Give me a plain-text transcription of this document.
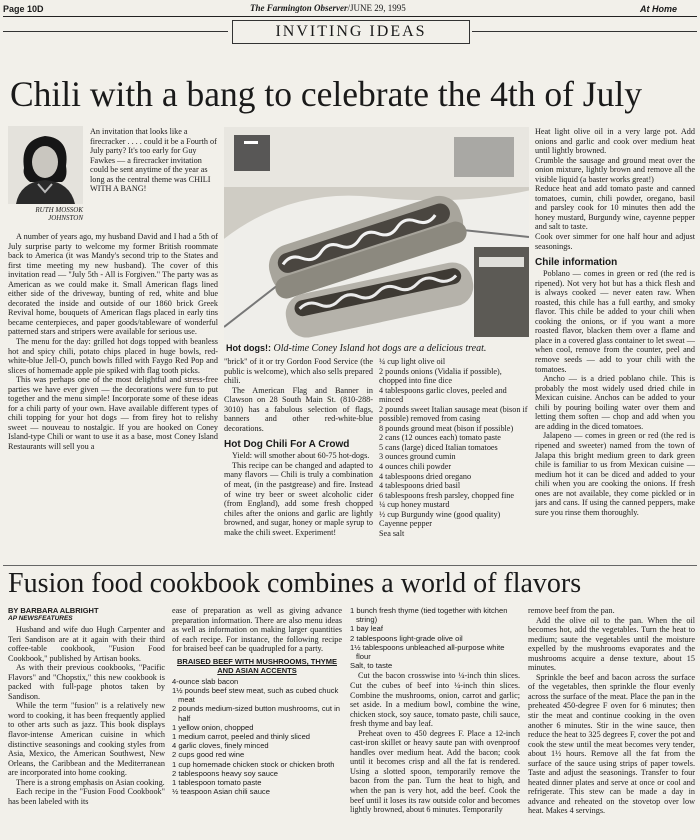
Page 10D	The Farmington Observer/JUNE 29, 1995	At Home
INVITING IDEAS
Chili with a bang to celebrate the 4th of July
RUTH MOSSOK JOHNSTON

An invitation that looks like a firecracker . . . . could it be a Fourth of July party? It's too early for Guy Fawkes — a firecracker invitation could be sent anytime of the year as long as the central theme was CHILI WITH A BANG!

A number of years ago, my husband David and I had a 5th of July surprise party to welcome my former British roommate back to America (it was Mandy's second trip to the States and first time meeting my new husband). The cover of this invitation read — "July 5th - All is Forgiven." The party was as American as we could make it. Small American flags lined either side of the driveway, bunting of red, white and blue decorated the inside and outside of our 1860 brick Greek Revival home, bouquets of American flags placed in early tins became centerpieces, and paper goods/tableware of wonderful patterned stars and stripers were available for serious use.

The menu for the day: grilled hot dogs topped with beanless hot and spicy chili, potato chips placed in huge bowls, red-white-blue Jell-O, punch bowls filled with Faygo Red Pop and slices of homemade apple pie spiked with flag tooth picks.

This was perhaps one of the most delightful and stress-free parties we have ever given — the decorations were fun to put together and the menu simple! Incorporate some of these ideas for a chili party of your own. Have available different types of chili topping for your hot dogs — from firey hot to relishy sweet — nouveau to nostalgic. If you are hooked on Coney Island-type Chili or want to use it as a base, most Coney Island Restaurants will sell you a

Hot dogs!: Old-time Coney Island hot dogs are a delicious treat.

"brick" of it or try Gordon Food Service (the public is welcome), which also sells prepared chili.

The American Flag and Banner in Clawson on 28 South Main St. (810-288-3010) has a fabulous selection of flags, banners and other red-white-blue decorations.

Hot Dog Chili For A Crowd

Yield: will smother about 60-75 hot-dogs.

This recipe can be changed and adapted to many flavors — Chili is truly a combination of meat, (in the pastgrease) and fire. Instead of wine try beer or sweet alcoholic cider (from England), add some fresh chopped chiles after the onions and garlic are lightly browned, and sugar, honey or maple syrup to make the chili sweet. Experiment!

¼ cup light olive oil

2 pounds onions (Vidalia if possible), chopped into fine dice

4 tablespoons garlic cloves, peeled and minced

2 pounds sweet Italian sausage meat (bison if possible) removed from casing

8 pounds ground meat (bison if possible)

2 cans (12 ounces each) tomato paste

5 cans (large) diced Italian tomatoes

3 ounces ground cumin

4 ounces chili powder

4 tablespoons dried oregano

4 tablespoons dried basil

6 tablespoons fresh parsley, chopped fine

¼ cup honey mustard

½ cup Burgundy wine (good quality)

Cayenne pepper

Sea salt

Heat light olive oil in a very large pot. Add onions and garlic and cook over medium heat until lightly browned.

Crumble the sausage and ground meat over the onion mixture, lightly brown and remove all the visible liquid (a baster works great!)

Reduce heat and add tomato paste and canned tomatoes, cumin, chili powder, oregano, basil and parsley cook for 10 minutes then add the honey mustard, Burgundy wine, cayenne pepper and salt to taste.

Cook over simmer for one half hour and adjust seasonings.

Chile information

Poblano — comes in green or red (the red is ripened). Not very hot but has a thick flesh and is always cooked — never eaten raw. When roasted, this chile has a full earthy, and smoky flavor. This chile be added to your chili when cooking the onions, or if you want a more roasted flavor, blacken them over a flame and place in a covered glass container to let sweat — when cool, remove from the counter, peel and remove seeds — add to your chili with the tomatoes.

Ancho — is a dried poblano chile. This is probably the most widely used dried chile in Mexican cuisine. Anchos can be added to your chili by pouring boiling water over them and letting them soften — chop and add when you are adding in the diced tomatoes.

Jalapeno — comes in green or red (the red is ripened and sweeter) named from the town of Jalapa this bright medium green to dark green chile is familiar to us from Mexican cuisine — medium hot it can be diced and added to your chili when you are cooking the onions. If fresh ones are not available, they come pickled or in jars and cans. If using the canned peppers, make sure you rinse them thoroughly.

Fusion food cookbook combines a world of flavors

BY BARBARA ALBRIGHT

AP NEWSFEATURES

Husband and wife duo Hugh Carpenter and Teri Sandison are at it again with their third coffee-table cookbook, "Fusion Food Cookbook," published by Artisan books.

As with their previous cookbooks, "Pacific Flavors" and "Chopstix," this new cookbook is packed with full-page photos taken by Sandison.

While the term "fusion" is a relatively new word to cooking, it has been frequently applied to other arts such as jazz. This book displays flavor-intense American cuisine in which distinctive seasonings and cooking styles from Asia, Mexico, the American Southwest, New Orleans, the Caribbean and the Mediterranean are incorporated into home cooking.

There is a strong emphasis on Asian cooking.

Each recipe in the "Fusion Food Cookbook" has been labeled with its

ease of preparation as well as giving advance preparation information. There are also menu ideas as well as information on making larger quantities of each recipe. For instance, the following recipe for braised beef can be quadrupled for a party.

BRAISED BEEF WITH MUSHROOMS, THYME AND ASIAN ACCENTS

4-ounce slab bacon

1½ pounds beef stew meat, such as cubed chuck meat

2 pounds medium-sized button mushrooms, cut in half

1 yellow onion, chopped

1 medium carrot, peeled and thinly sliced

4 garlic cloves, finely minced

2 cups good red wine

1 cup homemade chicken stock or chicken broth

2 tablespoons heavy soy sauce

1 tablespoon tomato paste

½ teaspoon Asian chili sauce

1 bunch fresh thyme (tied together with kitchen string)

1 bay leaf

2 tablespoons light-grade olive oil

1½ tablespoons unbleached all-purpose white flour

Salt, to taste

Cut the bacon crosswise into ¼-inch thin slices. Cut the cubes of beef into ¼-inch thin slices. Combine the mushrooms, onion, carrot and garlic; set aside. In a medium bowl, combine the wine, chicken stock, soy sauce, tomato paste, chili sauce, fresh thyme and bay leaf.

Preheat oven to 450 degrees F. Place a 12-inch cast-iron skillet or heavy saute pan with ovenproof handles over medium heat. Add the bacon; cook until it becomes crisp and all the fat is rendered. Using a slotted spoon, temporarily remove the bacon from the pan. Turn the heat to high, and when the pan is very hot, add the beef. Cook the beef until it loses its raw outside color and becomes lightly browned, about 6 minutes. Temporarily

remove beef from the pan.

Add the olive oil to the pan. When the oil becomes hot, add the vegetables. Turn the heat to medium; saute the vegetables until the moisture expelled by the mushrooms evaporates and the mushrooms acquire a dense texture, about 15 minutes.

Sprinkle the beef and bacon across the surface of the vegetables, then sprinkle the flour evenly across the surface of the meat. Place the pan in the preheated 450-degree F oven for 6 minutes; then stir the meat and continue cooking in the oven another 6 minutes. Stir in the wine sauce, then reduce the heat to 325 degrees F, cover the pot and cook the stew until the meat becomes very tender, about 1½ hours. Remove all the fat from the surface of the sauce using strips of paper towels. Taste and adjust the seasonings. Transfer to four heated dinner plates and serve at once or cool and refrigerate. This stew can be made a day in advance and reheated on the stovetop over low heat. Makes 4 servings.
